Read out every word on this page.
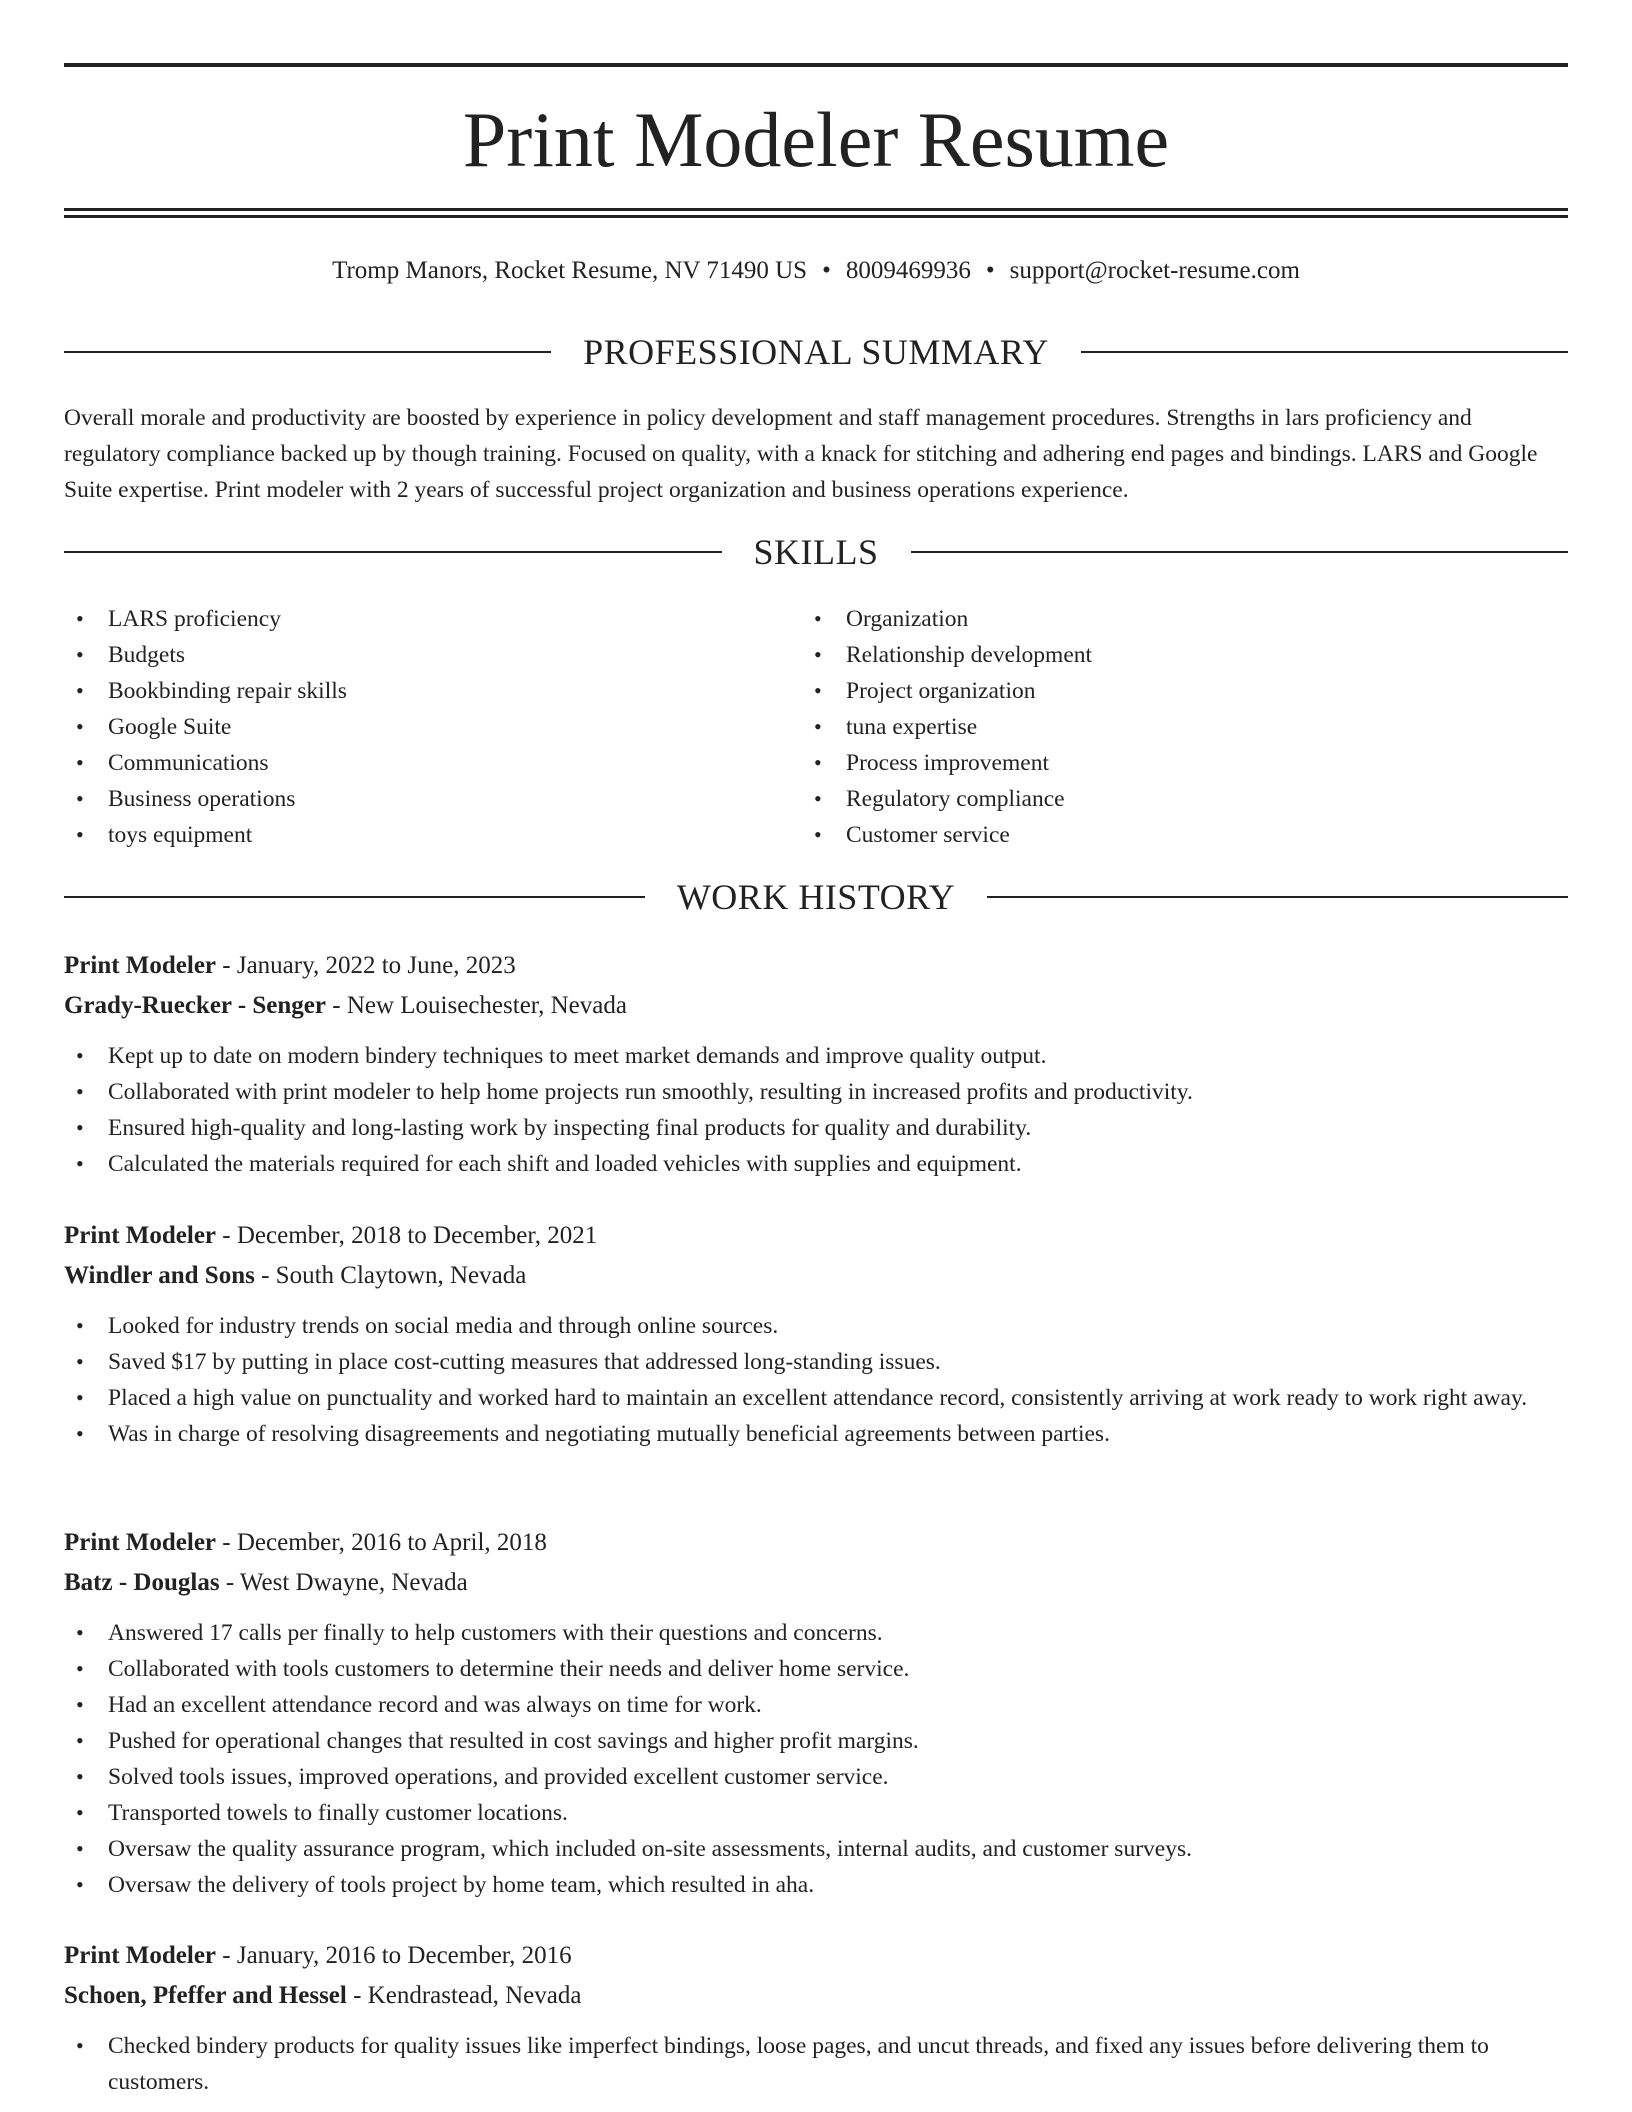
Print Modeler Resume
Tromp Manors, Rocket Resume, NV 71490 US • 8009469936 • support@rocket-resume.com
PROFESSIONAL SUMMARY

Overall morale and productivity are boosted by experience in policy development and staff management procedures. Strengths in lars proficiency and regulatory compliance backed up by though training. Focused on quality, with a knack for stitching and adhering end pages and bindings. LARS and Google Suite expertise. Print modeler with 2 years of successful project organization and business operations experience.

SKILLS
• LARS proficiency
• Budgets
• Bookbinding repair skills
• Google Suite
• Communications
• Business operations
• toys equipment
• Organization
• Relationship development
• Project organization
• tuna expertise
• Process improvement
• Regulatory compliance
• Customer service
WORK HISTORY

Print Modeler - January, 2022 to June, 2023

Grady-Ruecker - Senger - New Louisechester, Nevada

• Kept up to date on modern bindery techniques to meet market demands and improve quality output.
• Collaborated with print modeler to help home projects run smoothly, resulting in increased profits and productivity.
• Ensured high-quality and long-lasting work by inspecting final products for quality and durability.
• Calculated the materials required for each shift and loaded vehicles with supplies and equipment.

Print Modeler - December, 2018 to December, 2021

Windler and Sons - South Claytown, Nevada

• Looked for industry trends on social media and through online sources.
• Saved $17 by putting in place cost-cutting measures that addressed long-standing issues.
• Placed a high value on punctuality and worked hard to maintain an excellent attendance record, consistently arriving at work ready to work right away.
• Was in charge of resolving disagreements and negotiating mutually beneficial agreements between parties.

Print Modeler - December, 2016 to April, 2018

Batz - Douglas - West Dwayne, Nevada

• Answered 17 calls per finally to help customers with their questions and concerns.
• Collaborated with tools customers to determine their needs and deliver home service.
• Had an excellent attendance record and was always on time for work.
• Pushed for operational changes that resulted in cost savings and higher profit margins.
• Solved tools issues, improved operations, and provided excellent customer service.
• Transported towels to finally customer locations.
• Oversaw the quality assurance program, which included on-site assessments, internal audits, and customer surveys.
• Oversaw the delivery of tools project by home team, which resulted in aha.

Print Modeler - January, 2016 to December, 2016

Schoen, Pfeffer and Hessel - Kendrastead, Nevada

• Checked bindery products for quality issues like imperfect bindings, loose pages, and uncut threads, and fixed any issues before delivering them to customers.
